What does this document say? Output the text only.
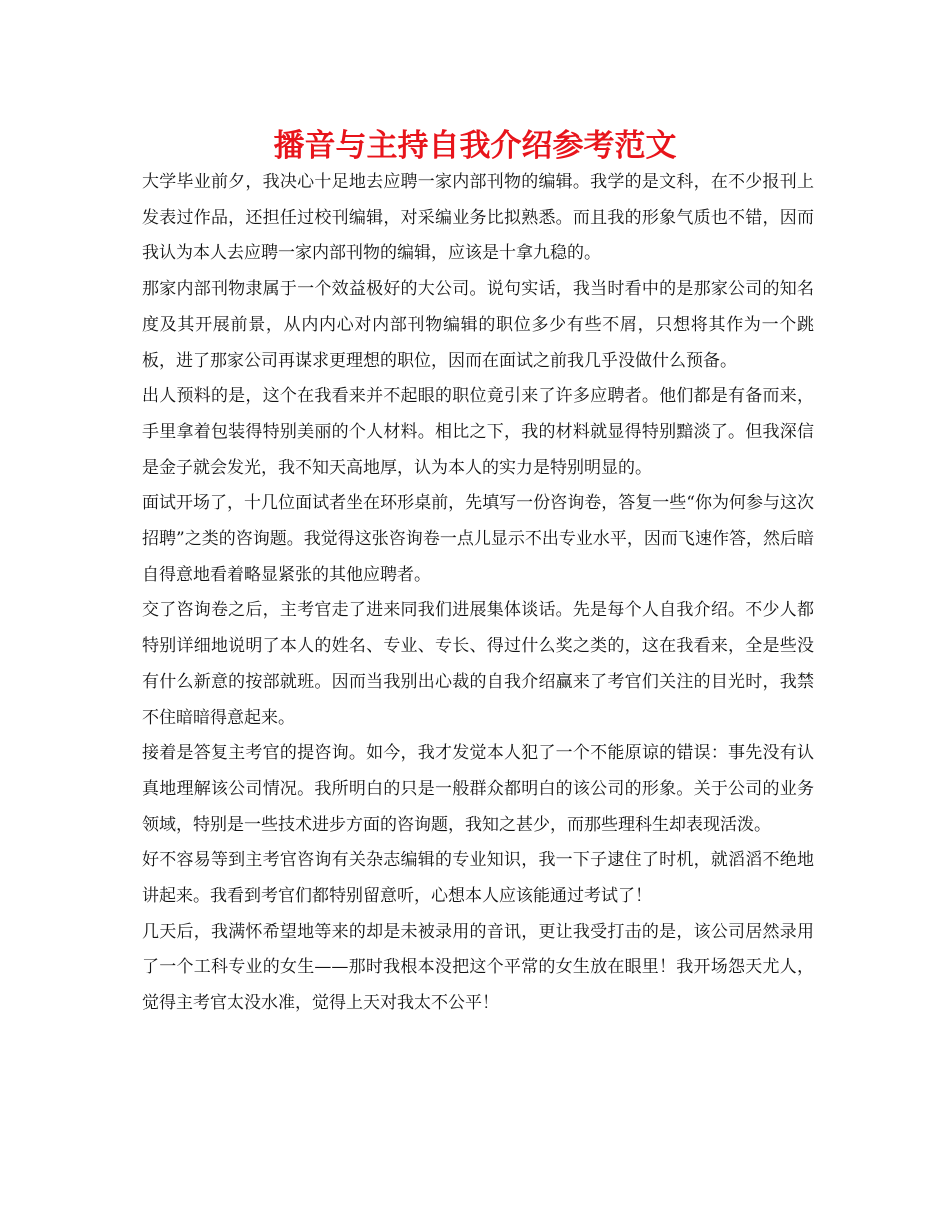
播音与主持自我介绍参考范文

大学毕业前夕，我决心十足地去应聘一家内部刊物的编辑。我学的是文科，在不少报刊上发表过作品，还担任过校刊编辑，对采编业务比拟熟悉。而且我的形象气质也不错，因而我认为本人去应聘一家内部刊物的编辑，应该是十拿九稳的。

那家内部刊物隶属于一个效益极好的大公司。说句实话，我当时看中的是那家公司的知名度及其开展前景，从内内心对内部刊物编辑的职位多少有些不屑，只想将其作为一个跳板，进了那家公司再谋求更理想的职位，因而在面试之前我几乎没做什么预备。

出人预料的是，这个在我看来并不起眼的职位竟引来了许多应聘者。他们都是有备而来，手里拿着包装得特别美丽的个人材料。相比之下，我的材料就显得特别黯淡了。但我深信是金子就会发光，我不知天高地厚，认为本人的实力是特别明显的。

面试开场了，十几位面试者坐在环形桌前，先填写一份咨询卷，答复一些“你为何参与这次招聘”之类的咨询题。我觉得这张咨询卷一点儿显示不出专业水平，因而飞速作答，然后暗自得意地看着略显紧张的其他应聘者。

交了咨询卷之后，主考官走了进来同我们进展集体谈话。先是每个人自我介绍。不少人都特别详细地说明了本人的姓名、专业、专长、得过什么奖之类的，这在我看来，全是些没有什么新意的按部就班。因而当我别出心裁的自我介绍赢来了考官们关注的目光时，我禁不住暗暗得意起来。

接着是答复主考官的提咨询。如今，我才发觉本人犯了一个不能原谅的错误：事先没有认真地理解该公司情况。我所明白的只是一般群众都明白的该公司的形象。关于公司的业务领域，特别是一些技术进步方面的咨询题，我知之甚少，而那些理科生却表现活泼。

好不容易等到主考官咨询有关杂志编辑的专业知识，我一下子逮住了时机，就滔滔不绝地讲起来。我看到考官们都特别留意听，心想本人应该能通过考试了！

几天后，我满怀希望地等来的却是未被录用的音讯，更让我受打击的是，该公司居然录用了一个工科专业的女生——那时我根本没把这个平常的女生放在眼里！我开场怨天尤人，觉得主考官太没水准，觉得上天对我太不公平！
